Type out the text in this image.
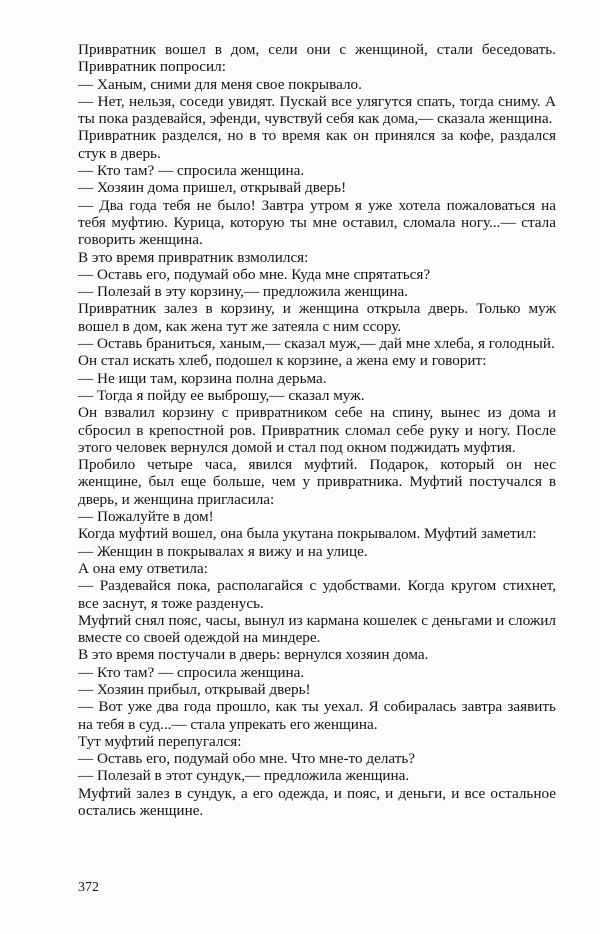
Привратник вошел в дом, сели они с женщиной, стали беседовать. Привратник попросил:

— Ханым, сними для меня свое покрывало.

— Нет, нельзя, соседи увидят. Пускай все улягутся спать, тогда сниму. А ты пока раздевайся, эфенди, чувствуй себя как дома,— сказала женщина.

Привратник разделся, но в то время как он принялся за кофе, раздался стук в дверь.

— Кто там? — спросила женщина.

— Хозяин дома пришел, открывай дверь!

— Два года тебя не было! Завтра утром я уже хотела пожаловаться на тебя муфтию. Курица, которую ты мне оставил, сломала ногу...— стала говорить женщина.

В это время привратник взмолился:

— Оставь его, подумай обо мне. Куда мне спрятаться?

— Полезай в эту корзину,— предложила женщина.

Привратник залез в корзину, и женщина открыла дверь. Только муж вошел в дом, как жена тут же затеяла с ним ссору.

— Оставь браниться, ханым,— сказал муж,— дай мне хлеба, я голодный.

Он стал искать хлеб, подошел к корзине, а жена ему и говорит:

— Не ищи там, корзина полна дерьма.

— Тогда я пойду ее выброшу,— сказал муж.

Он взвалил корзину с привратником себе на спину, вынес из дома и сбросил в крепостной ров. Привратник сломал себе руку и ногу. После этого человек вернулся домой и стал под окном поджидать муфтия.

Пробило четыре часа, явился муфтий. Подарок, который он нес женщине, был еще больше, чем у привратника. Муфтий постучался в дверь, и женщина пригласила:

— Пожалуйте в дом!

Когда муфтий вошел, она была укутана покрывалом. Муфтий заметил:

— Женщин в покрывалах я вижу и на улице.

А она ему ответила:

— Раздевайся пока, располагайся с удобствами. Когда кругом стихнет, все заснут, я тоже разденусь.

Муфтий снял пояс, часы, вынул из кармана кошелек с деньгами и сложил вместе со своей одеждой на миндере.

В это время постучали в дверь: вернулся хозяин дома.

— Кто там? — спросила женщина.

— Хозяин прибыл, открывай дверь!

— Вот уже два года прошло, как ты уехал. Я собиралась завтра заявить на тебя в суд...— стала упрекать его женщина.

Тут муфтий перепугался:

— Оставь его, подумай обо мне. Что мне-то делать?

— Полезай в этот сундук,— предложила женщина.

Муфтий залез в сундук, а его одежда, и пояс, и деньги, и все остальное остались женщине.

372
